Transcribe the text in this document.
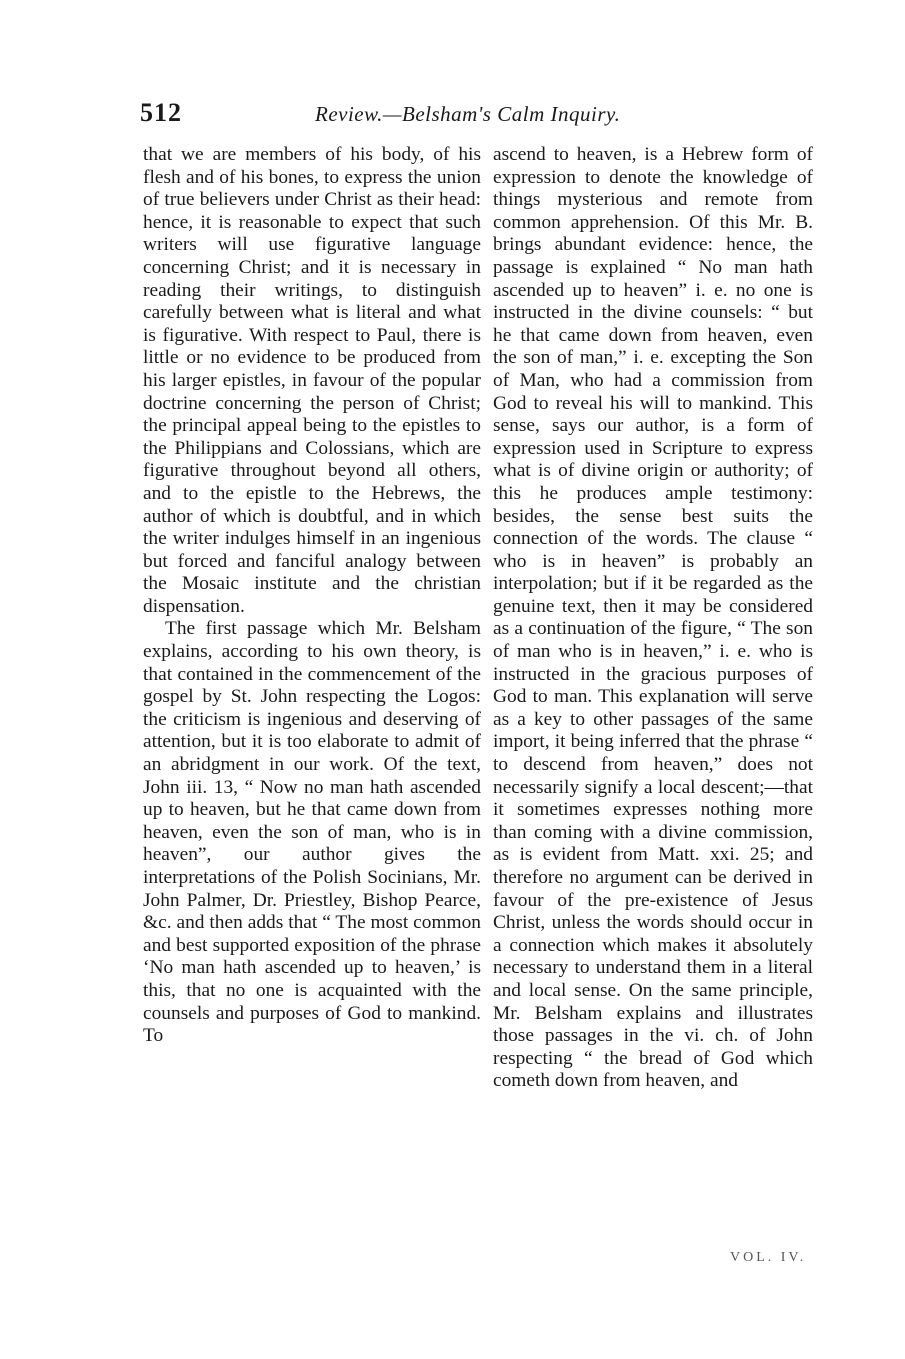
512	Review.—Belsham's Calm Inquiry.

that we are members of his body, of his flesh and of his bones, to express the union of true believers under Christ as their head: hence, it is reasonable to expect that such writers will use figurative language concerning Christ; and it is necessary in reading their writings, to distinguish carefully between what is literal and what is figurative. With respect to Paul, there is little or no evidence to be produced from his larger epistles, in favour of the popular doctrine concerning the person of Christ; the principal appeal being to the epistles to the Philippians and Colossians, which are figurative throughout beyond all others, and to the epistle to the Hebrews, the author of which is doubtful, and in which the writer indulges himself in an ingenious but forced and fanciful analogy between the Mosaic institute and the christian dispensation.

The first passage which Mr. Belsham explains, according to his own theory, is that contained in the commencement of the gospel by St. John respecting the Logos: the criticism is ingenious and deserving of attention, but it is too elaborate to admit of an abridgment in our work. Of the text, John iii. 13, “ Now no man hath ascended up to heaven, but he that came down from heaven, even the son of man, who is in heaven”, our author gives the interpretations of the Polish Socinians, Mr. John Palmer, Dr. Priestley, Bishop Pearce, &c. and then adds that “ The most common and best supported exposition of the phrase ‘No man hath ascended up to heaven,’ is this, that no one is acquainted with the counsels and purposes of God to mankind. To

ascend to heaven, is a Hebrew form of expression to denote the knowledge of things mysterious and remote from common apprehension. Of this Mr. B. brings abundant evidence: hence, the passage is explained “ No man hath ascended up to heaven” i. e. no one is instructed in the divine counsels: “ but he that came down from heaven, even the son of man,” i. e. excepting the Son of Man, who had a commission from God to reveal his will to mankind. This sense, says our author, is a form of expression used in Scripture to express what is of divine origin or authority; of this he produces ample testimony: besides, the sense best suits the connection of the words. The clause “ who is in heaven” is probably an interpolation; but if it be regarded as the genuine text, then it may be considered as a continuation of the figure, “ The son of man who is in heaven,” i. e. who is instructed in the gracious purposes of God to man. This explanation will serve as a key to other passages of the same import, it being inferred that the phrase “ to descend from heaven,” does not necessarily signify a local descent;—that it sometimes expresses nothing more than coming with a divine commission, as is evident from Matt. xxi. 25; and therefore no argument can be derived in favour of the pre-existence of Jesus Christ, unless the words should occur in a connection which makes it absolutely necessary to understand them in a literal and local sense. On the same principle, Mr. Belsham explains and illustrates those passages in the vi. ch. of John respecting “ the bread of God which cometh down from heaven, and

VOL. IV.
